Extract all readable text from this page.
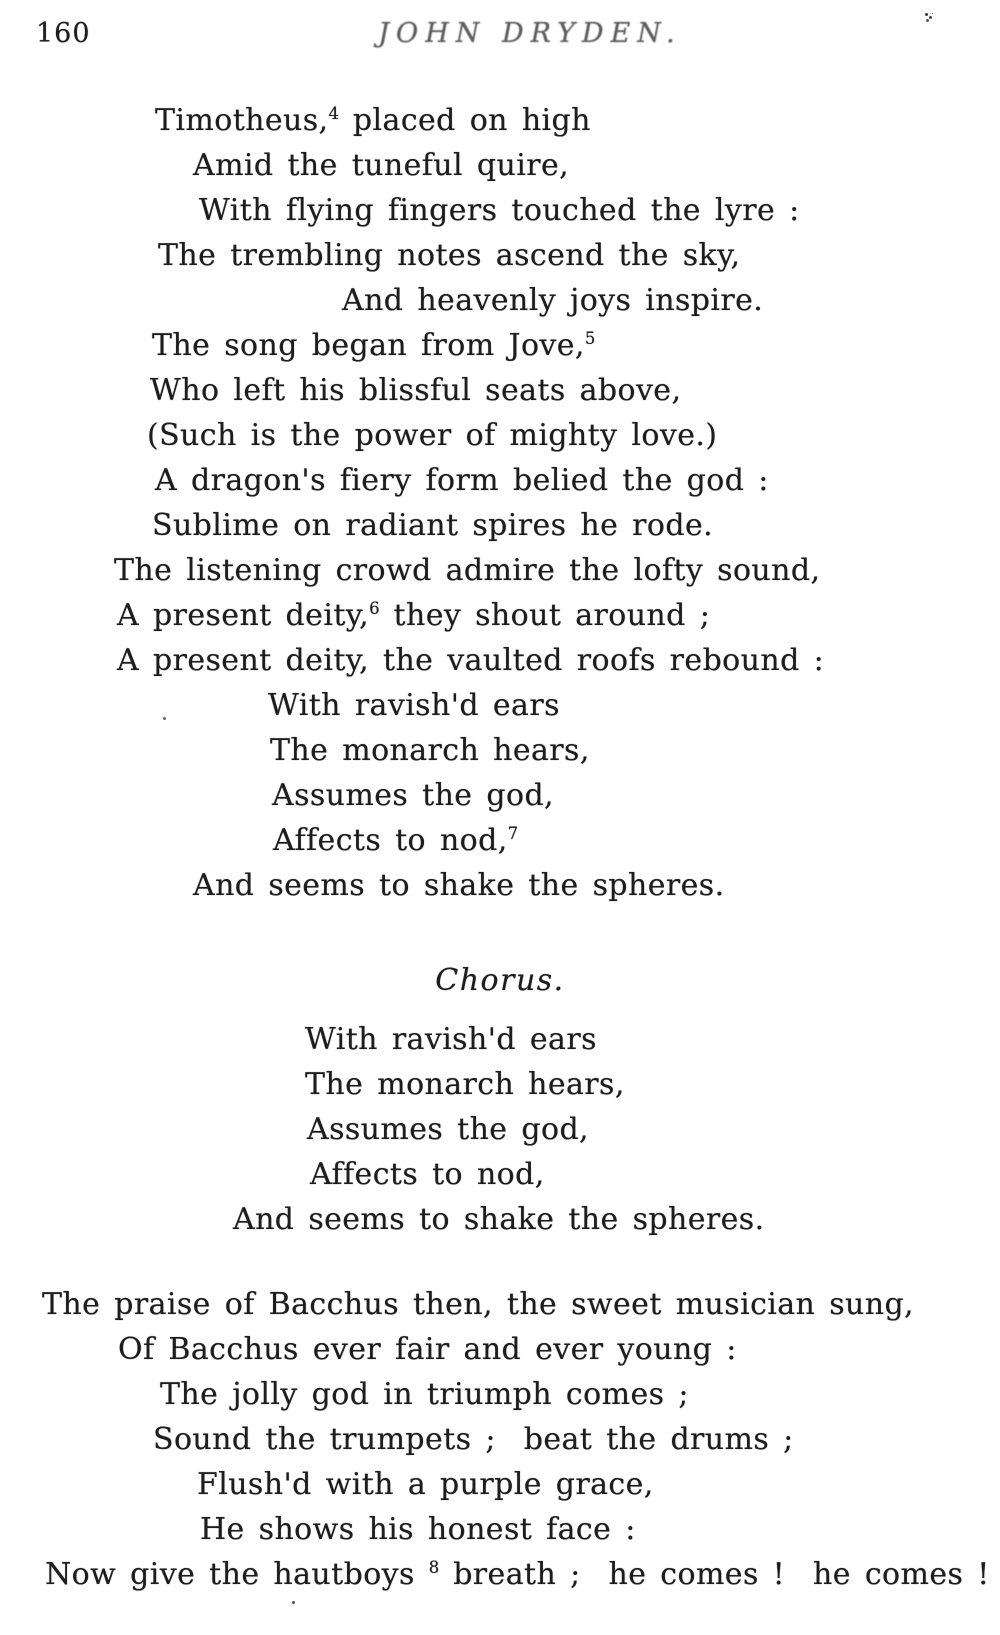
160	JOHN DRYDEN.
Timotheus,$^4$ placed on high
Amid the tuneful quire,
With flying fingers touched the lyre :
The trembling notes ascend the sky,
And heavenly joys inspire.
The song began from Jove,$^5$
Who left his blissful seats above,
(Such is the power of mighty love.)
A dragon's fiery form belied the god :
Sublime on radiant spires he rode.
The listening crowd admire the lofty sound,
A present deity,$^6$ they shout around ;
A present deity, the vaulted roofs rebound :
With ravish'd ears
The monarch hears,
Assumes the god,
Affects to nod,$^7$
And seems to shake the spheres.
Chorus.
With ravish'd ears
The monarch hears,
Assumes the god,
Affects to nod,
And seems to shake the spheres.
The praise of Bacchus then, the sweet musician sung,
Of Bacchus ever fair and ever young :
The jolly god in triumph comes ;
Sound the trumpets ;  beat the drums ;
Flush'd with a purple grace,
He shows his honest face :
Now give the hautboys $^8$ breath ;  he comes !  he comes !
